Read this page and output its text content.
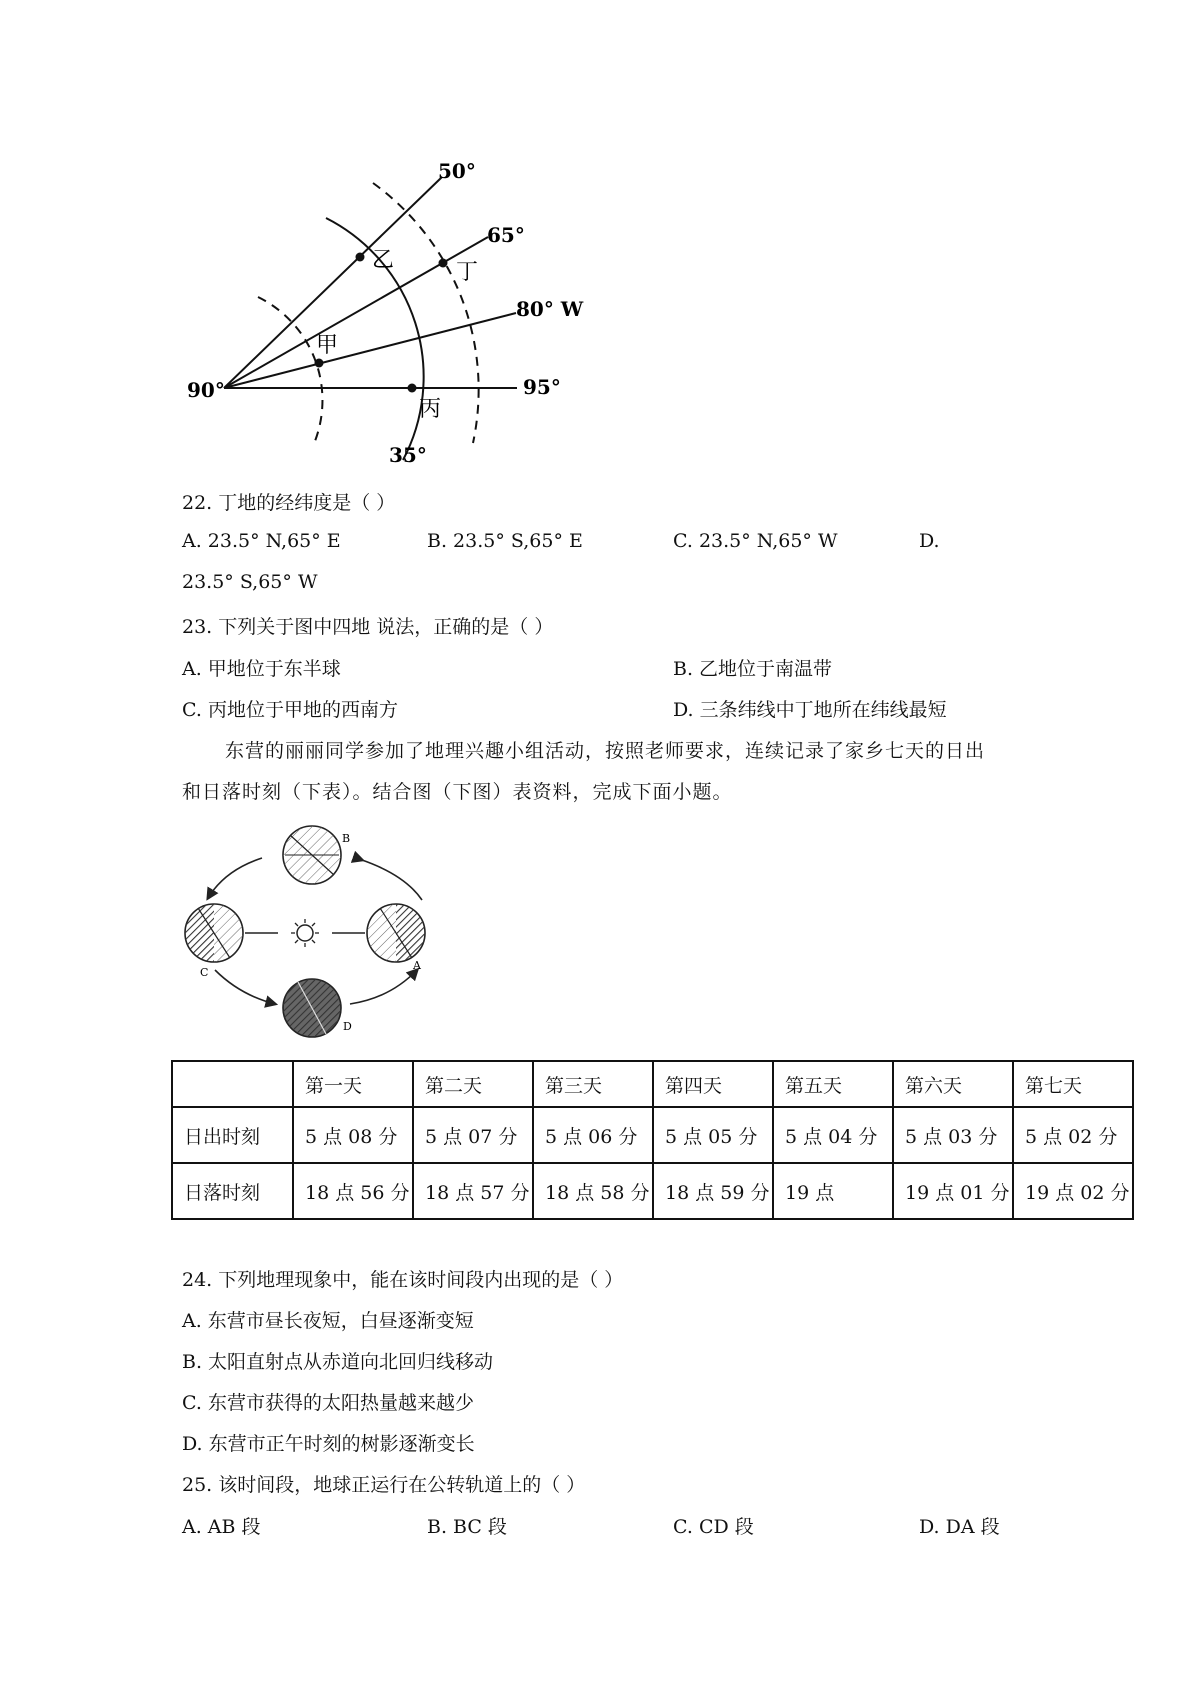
50°
65°
80° W
90°	95°
35°
乙	丁
甲
丙
22. 丁地的经纬度是（ ）
A. 23.5° N,65° E	B. 23.5° S,65° E	C. 23.5° N,65° W	D.
23.5° S,65° W
23. 下列关于图中四地 说法，正确的是（ ）
A. 甲地位于东半球	B. 乙地位于南温带
C. 丙地位于甲地的西南方	D. 三条纬线中丁地所在纬线最短
东营的丽丽同学参加了地理兴趣小组活动，按照老师要求，连续记录了家乡七天的日出
和日落时刻（下表）。结合图（下图）表资料，完成下面小题。
B
C
A
D
	第一天	第二天	第三天	第四天	第五天	第六天	第七天
日出时刻	5 点 08 分	5 点 07 分	5 点 06 分	5 点 05 分	5 点 04 分	5 点 03 分	5 点 02 分
日落时刻	18 点 56 分	18 点 57 分	18 点 58 分	18 点 59 分	19 点	19 点 01 分	19 点 02 分
24. 下列地理现象中，能在该时间段内出现的是（ ）
A. 东营市昼长夜短，白昼逐渐变短
B. 太阳直射点从赤道向北回归线移动
C. 东营市获得的太阳热量越来越少
D. 东营市正午时刻的树影逐渐变长
25. 该时间段，地球正运行在公转轨道上的（ ）
A. AB 段	B. BC 段	C. CD 段	D. DA 段
